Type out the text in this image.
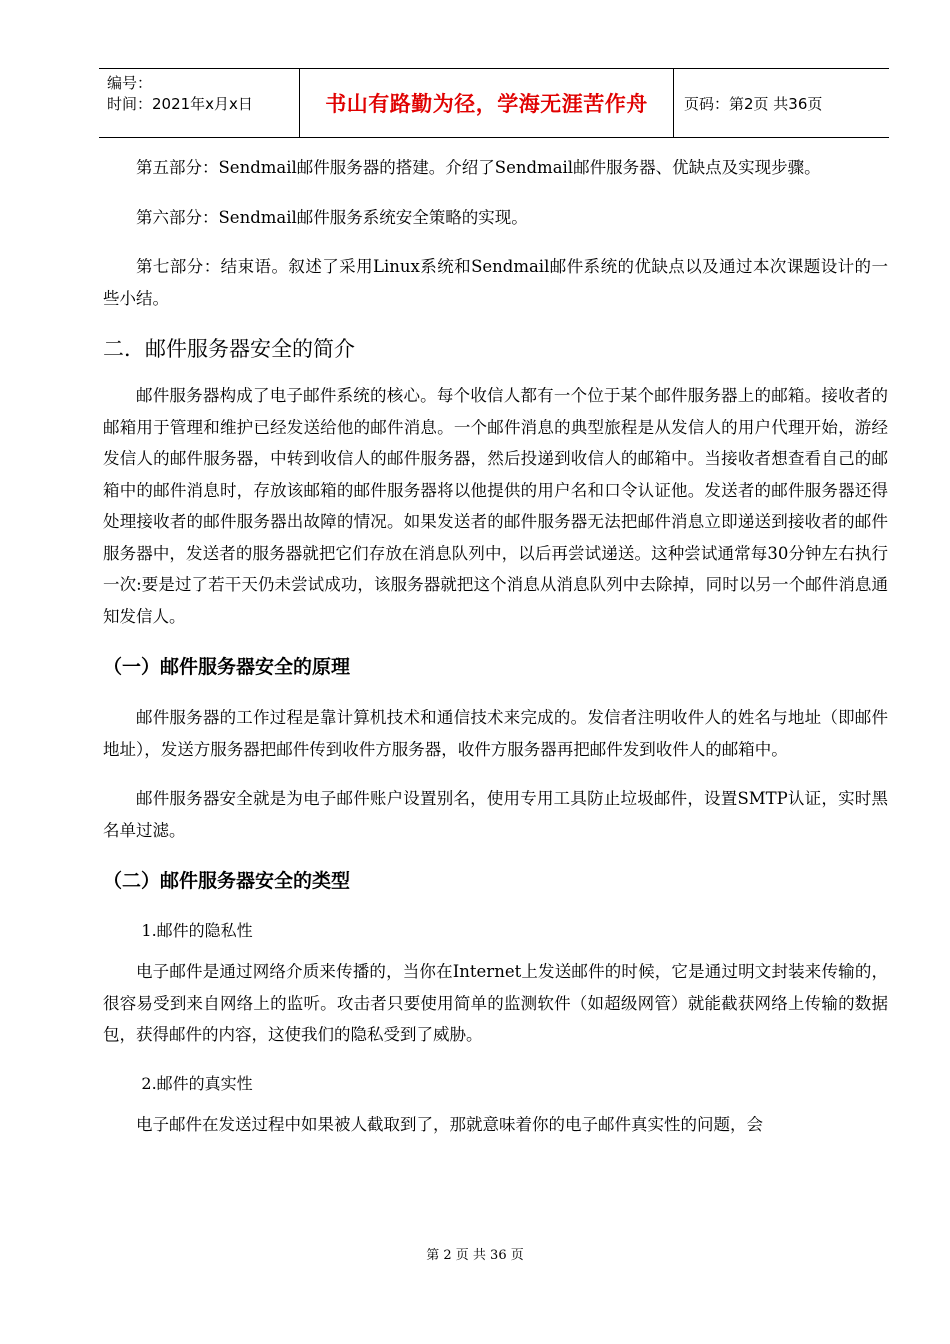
编号：
时间：2021年x月x日	书山有路勤为径，学海无涯苦作舟	页码：第2页 共36页

第五部分：Sendmail邮件服务器的搭建。介绍了Sendmail邮件服务器、优缺点及实现步骤。

第六部分：Sendmail邮件服务系统安全策略的实现。

第七部分：结束语。叙述了采用Linux系统和Sendmail邮件系统的优缺点以及通过本次课题设计的一些小结。

二．邮件服务器安全的简介

邮件服务器构成了电子邮件系统的核心。每个收信人都有一个位于某个邮件服务器上的邮箱。接收者的邮箱用于管理和维护已经发送给他的邮件消息。一个邮件消息的典型旅程是从发信人的用户代理开始，游经发信人的邮件服务器，中转到收信人的邮件服务器，然后投递到收信人的邮箱中。当接收者想查看自己的邮箱中的邮件消息时，存放该邮箱的邮件服务器将以他提供的用户名和口令认证他。发送者的邮件服务器还得处理接收者的邮件服务器出故障的情况。如果发送者的邮件服务器无法把邮件消息立即递送到接收者的邮件服务器中，发送者的服务器就把它们存放在消息队列中，以后再尝试递送。这种尝试通常每30分钟左右执行一次:要是过了若干天仍未尝试成功，该服务器就把这个消息从消息队列中去除掉，同时以另一个邮件消息通知发信人。

（一）邮件服务器安全的原理

邮件服务器的工作过程是靠计算机技术和通信技术来完成的。发信者注明收件人的姓名与地址（即邮件地址），发送方服务器把邮件传到收件方服务器，收件方服务器再把邮件发到收件人的邮箱中。

邮件服务器安全就是为电子邮件账户设置别名，使用专用工具防止垃圾邮件，设置SMTP认证，实时黑名单过滤。

（二）邮件服务器安全的类型

1.邮件的隐私性

电子邮件是通过网络介质来传播的，当你在Internet上发送邮件的时候，它是通过明文封装来传输的，很容易受到来自网络上的监听。攻击者只要使用简单的监测软件（如超级网管）就能截获网络上传输的数据包，获得邮件的内容，这使我们的隐私受到了威胁。

2.邮件的真实性

电子邮件在发送过程中如果被人截取到了，那就意味着你的电子邮件真实性的问题，会

第 2 页 共 36 页
